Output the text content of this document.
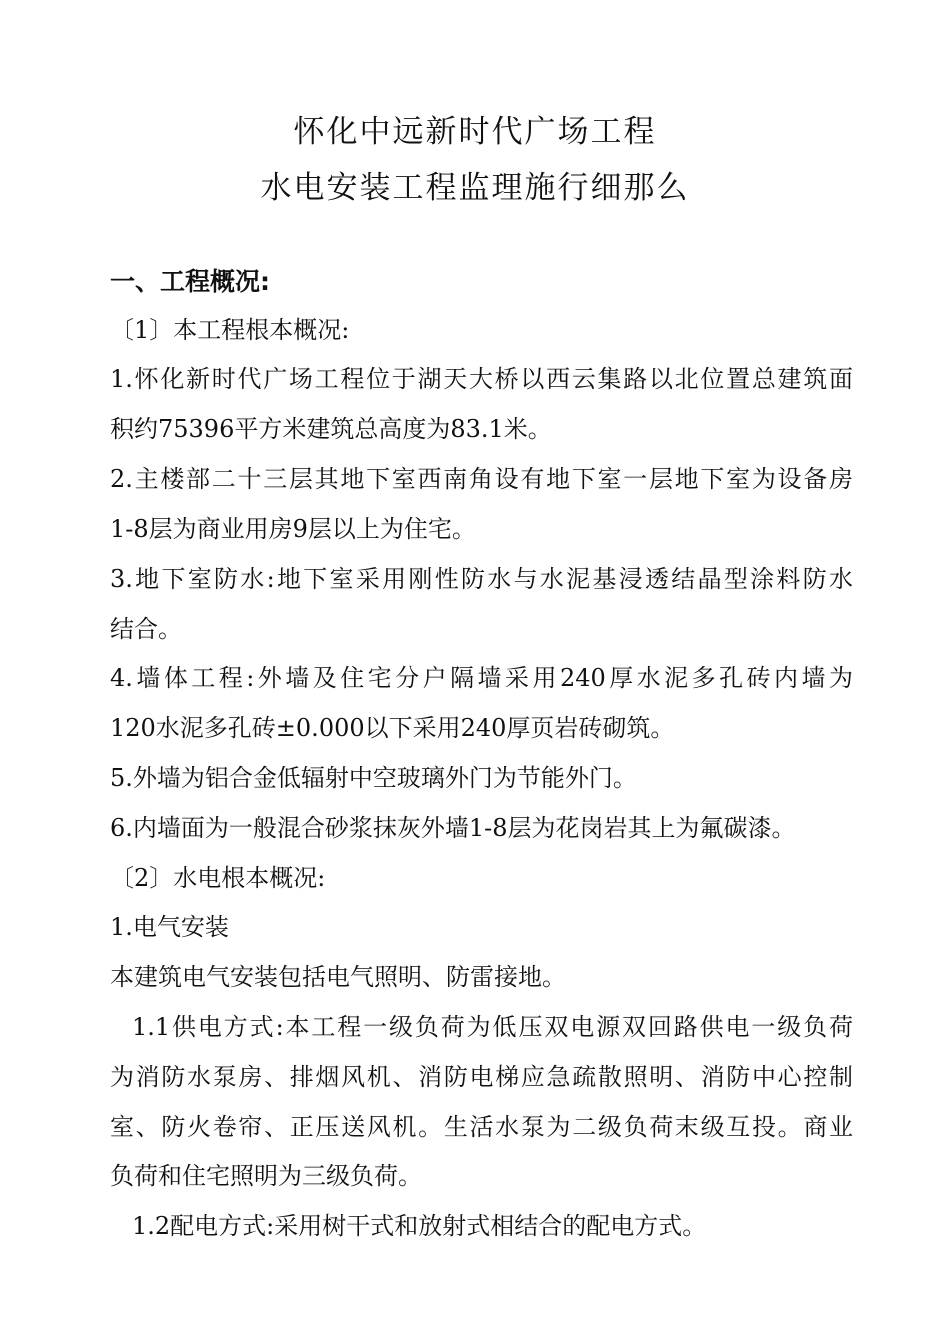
怀化中远新时代广场工程
水电安装工程监理施行细那么
一、工程概况:
〔1〕本工程根本概况:
1.怀化新时代广场工程位于湖天大桥以西云集路以北位置总建筑面
积约75396平方米建筑总高度为83.1米。
2.主楼部二十三层其地下室西南角设有地下室一层地下室为设备房
1-8层为商业用房9层以上为住宅。
3.地下室防水:地下室采用刚性防水与水泥基浸透结晶型涂料防水
结合。
4.墙体工程:外墙及住宅分户隔墙采用240厚水泥多孔砖内墙为
120水泥多孔砖±0.000以下采用240厚页岩砖砌筑。
5.外墙为铝合金低辐射中空玻璃外门为节能外门。
6.内墙面为一般混合砂浆抹灰外墙1-8层为花岗岩其上为氟碳漆。
〔2〕水电根本概况:
1.电气安装
本建筑电气安装包括电气照明、防雷接地。
1.1供电方式:本工程一级负荷为低压双电源双回路供电一级负荷
为消防水泵房、排烟风机、消防电梯应急疏散照明、消防中心控制
室、防火卷帘、正压送风机。生活水泵为二级负荷末级互投。商业
负荷和住宅照明为三级负荷。
1.2配电方式:采用树干式和放射式相结合的配电方式。
